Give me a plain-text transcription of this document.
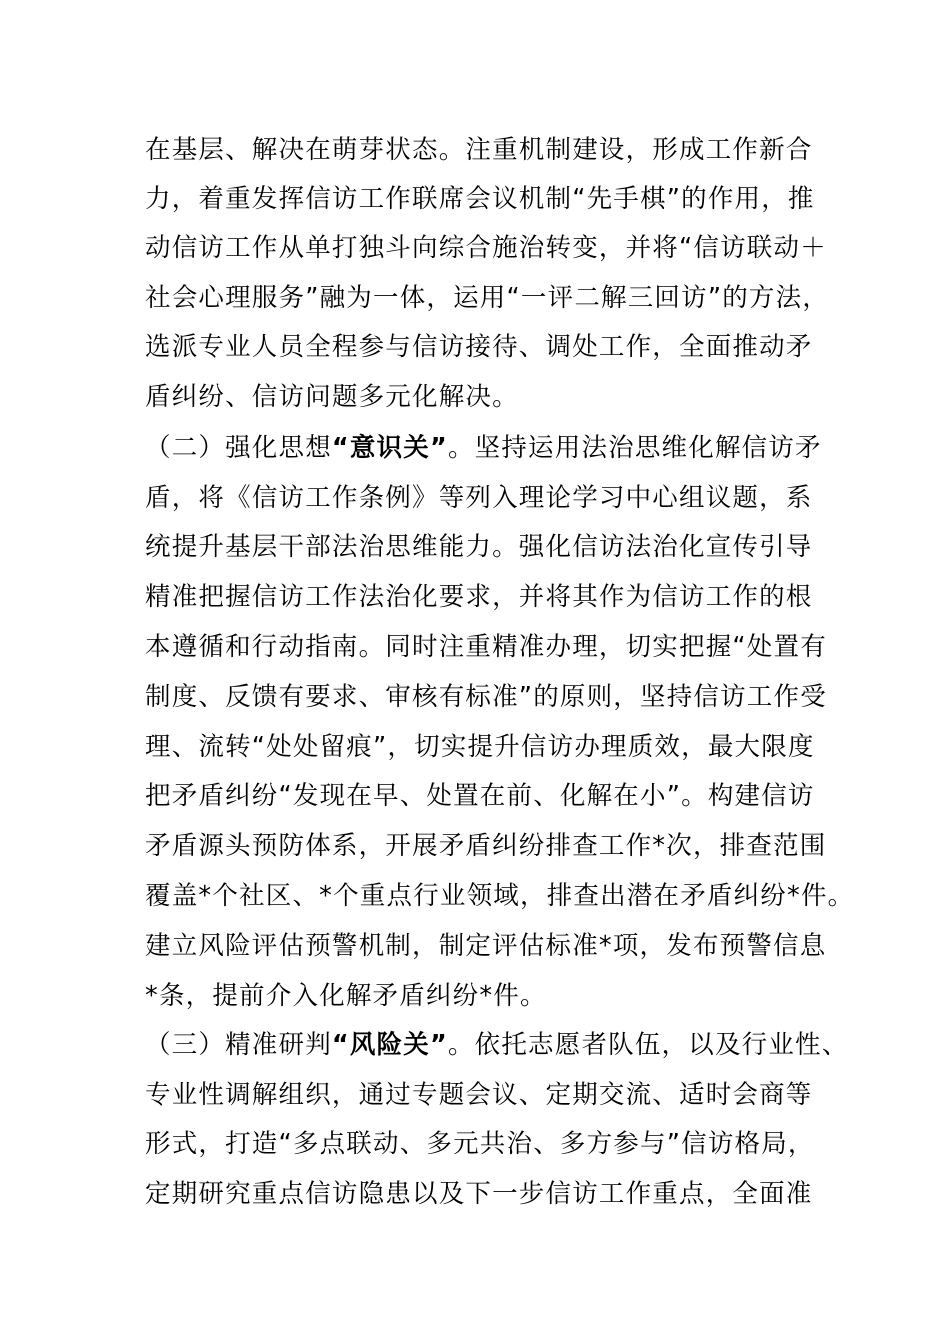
在基层、解决在萌芽状态。注重机制建设，形成工作新合
力，着重发挥信访工作联席会议机制“先手棋”的作用，推
动信访工作从单打独斗向综合施治转变，并将“信访联动＋
社会心理服务”融为一体，运用“一评二解三回访”的方法，
选派专业人员全程参与信访接待、调处工作，全面推动矛
盾纠纷、信访问题多元化解决。
（二）强化思想“意识关”。坚持运用法治思维化解信访矛
盾，将《信访工作条例》等列入理论学习中心组议题，系
统提升基层干部法治思维能力。强化信访法治化宣传引导
精准把握信访工作法治化要求，并将其作为信访工作的根
本遵循和行动指南。同时注重精准办理，切实把握“处置有
制度、反馈有要求、审核有标准”的原则，坚持信访工作受
理、流转“处处留痕”，切实提升信访办理质效，最大限度
把矛盾纠纷“发现在早、处置在前、化解在小”。构建信访
矛盾源头预防体系，开展矛盾纠纷排查工作*次，排查范围
覆盖*个社区、*个重点行业领域，排查出潜在矛盾纠纷*件。
建立风险评估预警机制，制定评估标准*项，发布预警信息
*条，提前介入化解矛盾纠纷*件。
（三）精准研判“风险关”。依托志愿者队伍，以及行业性、
专业性调解组织，通过专题会议、定期交流、适时会商等
形式，打造“多点联动、多元共治、多方参与”信访格局，
定期研究重点信访隐患以及下一步信访工作重点，全面准
